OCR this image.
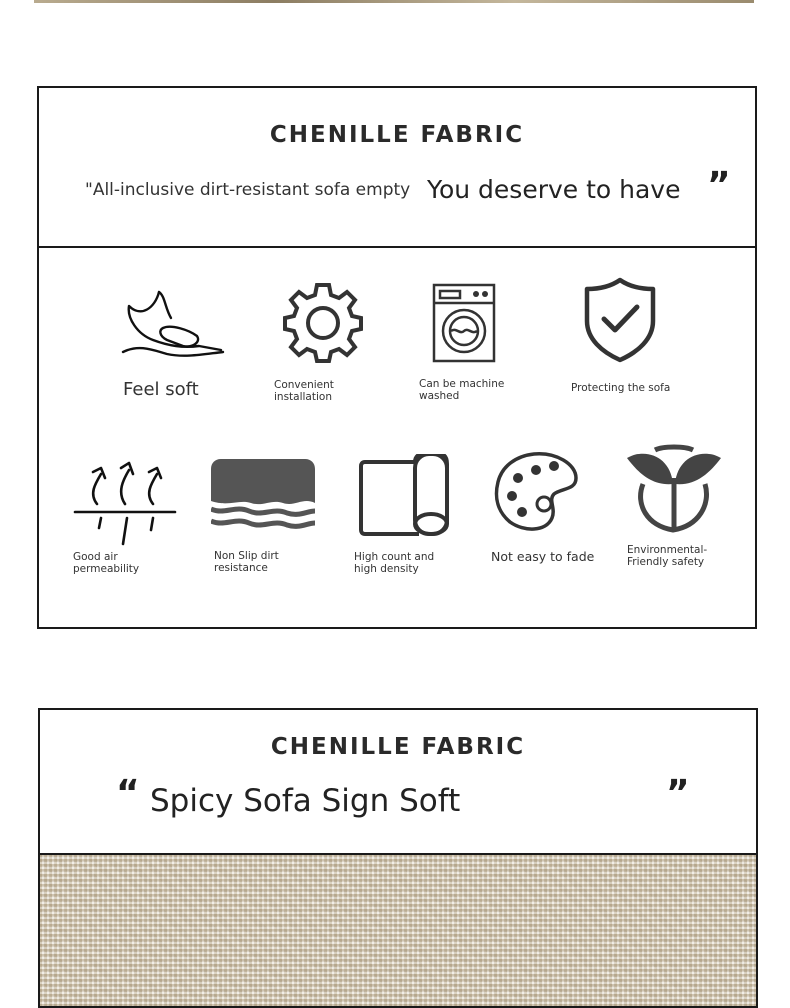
CHENILLE FABRIC
"All-inclusive dirt-resistant sofa empty You deserve to have ”
Feel soft	Convenient installation
Can be machine washed
Protecting the sofa
Good air permeability
Non Slip dirt resistance
High count and high density
Not easy to fade	Environmental-Friendly safety
CHENILLE FABRIC
“ Spicy Sofa Sign Soft	”
